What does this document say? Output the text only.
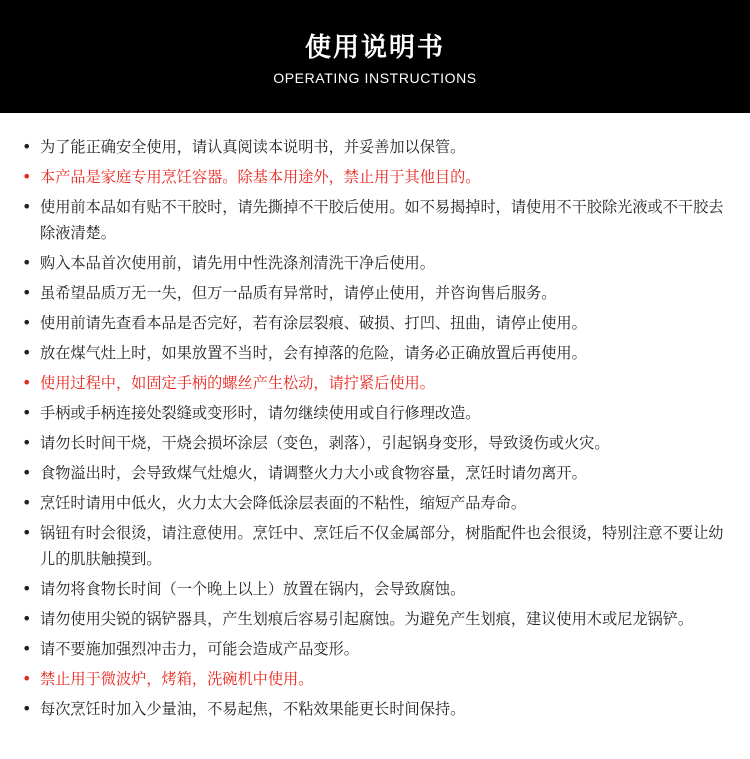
使用说明书
OPERATING INSTRUCTIONS
• 为了能正确安全使用，请认真阅读本说明书，并妥善加以保管。
• 本产品是家庭专用烹饪容器。除基本用途外，禁止用于其他目的。
• 使用前本品如有贴不干胶时，请先撕掉不干胶后使用。如不易揭掉时，请使用不干胶除光液或不干胶去除液清楚。
• 购入本品首次使用前，请先用中性洗涤剂清洗干净后使用。
• 虽希望品质万无一失，但万一品质有异常时，请停止使用，并咨询售后服务。
• 使用前请先查看本品是否完好，若有涂层裂痕、破损、打凹、扭曲，请停止使用。
• 放在煤气灶上时，如果放置不当时，会有掉落的危险，请务必正确放置后再使用。
• 使用过程中，如固定手柄的螺丝产生松动，请拧紧后使用。
• 手柄或手柄连接处裂缝或变形时，请勿继续使用或自行修理改造。
• 请勿长时间干烧，干烧会损坏涂层（变色，剥落），引起锅身变形，导致烫伤或火灾。
• 食物溢出时，会导致煤气灶熄火，请调整火力大小或食物容量，烹饪时请勿离开。
• 烹饪时请用中低火，火力太大会降低涂层表面的不粘性，缩短产品寿命。
• 锅钮有时会很烫，请注意使用。烹饪中、烹饪后不仅金属部分，树脂配件也会很烫，特别注意不要让幼儿的肌肤触摸到。
• 请勿将食物长时间（一个晚上以上）放置在锅内，会导致腐蚀。
• 请勿使用尖锐的锅铲器具，产生划痕后容易引起腐蚀。为避免产生划痕，建议使用木或尼龙锅铲。
• 请不要施加强烈冲击力，可能会造成产品变形。
• 禁止用于微波炉，烤箱，洗碗机中使用。
• 每次烹饪时加入少量油，不易起焦，不粘效果能更长时间保持。
